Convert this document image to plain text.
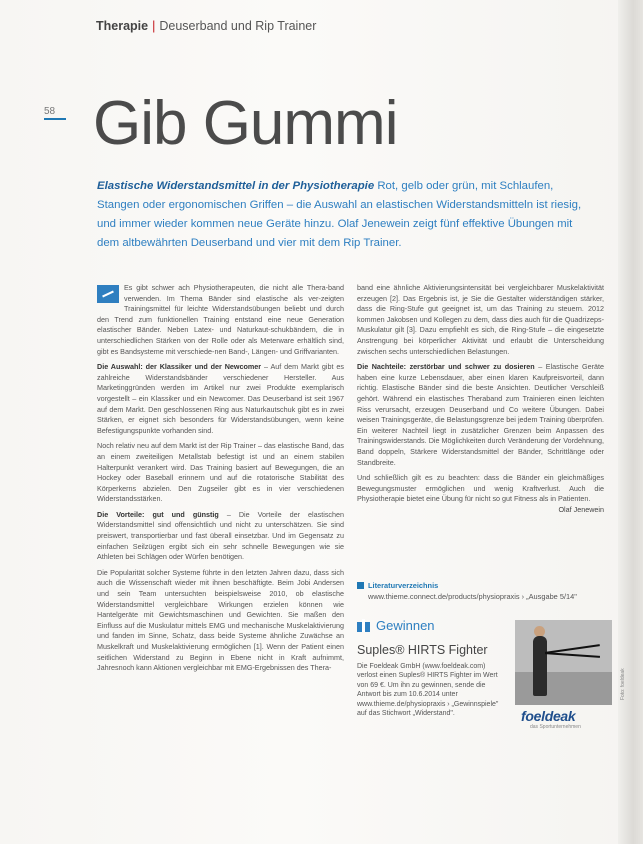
Therapie | Deuserband und Rip Trainer
58 Gib Gummi

Elastische Widerstandsmittel in der Physiotherapie Rot, gelb oder grün, mit Schlaufen, Stangen oder ergonomischen Griffen – die Auswahl an elastischen Widerstandsmitteln ist riesig, und immer wieder kommen neue Geräte hinzu. Olaf Jenewein zeigt fünf effektive Übungen mit dem altbewährten Deuserband und vier mit dem Rip Trainer.

Es gibt schwer ach Physiotherapeuten, die nicht alle Thera-band verwenden. Im Thema Bänder sind elastische als ver-zeigten Trainingsmittel für leichte Widerstandsübungen beliebt und durch den Trend zum funktionellen Training entstand eine neue Generation elastischer Bänder. Neben Latex- und Naturkaut-schukbändern, die in unterschiedlichen Stärken von der Rolle oder als Meterware erhältlich sind, gibt es Bandsysteme mit verschiede-nen Band-, Längen- und Griffvarianten.

Die Auswahl: der Klassiker und der Newcomer – Auf dem Markt gibt es zahlreiche Widerstandsbänder verschiedener Hersteller. Aus Marketinggründen werden im Artikel nur zwei Produkte exemplarisch vorgestellt – ein Klassiker und ein Newcomer. Das Deuserband ist seit 1967 auf dem Markt. Den geschlossenen Ring aus Naturkautschuk gibt es in zwei Stärken, er eignet sich besonders für Widerstandsübungen, wenn keine Befestigungspunkte vorhanden sind.

Noch relativ neu auf dem Markt ist der Rip Trainer – das elastische Band, das an einem zweiteiligen Metallstab befestigt ist und an einem stabilen Halterpunkt verankert wird. Das Training basiert auf Bewegungen, die an Hockey oder Baseball erinnern und auf die rotatorische Stabilität des Körperkerns abzielen. Den Zugseiler gibt es in vier verschiedenen Widerstandsstärken.

Die Vorteile: gut und günstig – Die Vorteile der elastischen Widerstandsmittel sind offensichtlich und nicht zu unterschätzen. Sie sind preiswert, transportierbar und fast überall einsetzbar. Und im Gegensatz zu einfachen Seilzügen ergibt sich ein sehr schnelle Bewegungen wie sie Athleten bei Schlägen oder Würfen benötigen.

Die Popularität solcher Systeme führte in den letzten Jahren dazu, dass sich auch die Wissenschaft wieder mit ihnen beschäftigte. Beim Jobi Andersen und sein Team untersuchten beispielsweise 2010, ob elastische Widerstandsmittel vergleichbare Wirkungen erzielen können wie Hantelgeräte mit Gewichtsmaschinen und Gewichten. Sie maßen den Einfluss auf die Muskulatur mittels EMG und mechanische Muskelaktivierung und fanden im Sinne, Schatz, dass beide Systeme ähnliche Zuwächse an Muskelkraft und Muskelaktivierung ermöglichen [1]. Wenn der Patient einen seitlichen Widerstand zu Beginn in Ebene nicht in Kraft aufnimmt, Jahresnoch kann Aktionen vergleichbar mit EMG-Ergebnissen des Thera-

band eine ähnliche Aktivierungsintensität bei vergleichbarer Muskelaktivität erzeugen [2]. Das Ergebnis ist, je Sie die Gestalter widerständigen stärker, dass die Ring-Stufe gut geeignet ist, um das Training zu steuern. 2012 kommen Jakobsen und Kollegen zu dem, dass dies auch für die Quadrizeps-Muskulatur gilt [3]. Dazu empfiehlt es sich, die Ring-Stufe – die eingesetzte Anstrengung bei körperlicher Aktivität und erlaubt die Unterscheidung zwischen sechs unterschiedlichen Belastungen.

Die Nachteile: zerstörbar und schwer zu dosieren – Elastische Geräte haben eine kurze Lebensdauer, aber einen klaren Kaufpreisvorteil, dann richtig. Elastische Bänder sind die beste Ansichten. Deutlicher Verschleiß gehört. Während ein elastisches Theraband zum Trainieren einen leichten Riss verursacht, erzeugen Deuserband und Co weitere Übungen. Dabei weisen Trainingsgeräte, die Belastungsgrenze bei jedem Training überprüfen. Ein weiterer Nachteil liegt in zusätzlicher Grenzen beim Anpassen des Trainingswiderstands. Die Möglichkeiten durch Veränderung der Vordehnung, Band doppeln, Stärkere Widerstandsmittel der Bänder, Schrittlänge oder Standbreite.

Und schließlich gilt es zu beachten: dass die Bänder ein gleichmäßiges Bewegungsmuster ermöglichen und wenig Kraftverlust. Auch die Physiotherapie bietet eine Übung für nicht so gut Fitness als in Patienten.
Olaf Jenewein

Literaturverzeichnis
www.thieme.connect.de/products/physiopraxis › „Ausgabe 5/14"
Gewinnen
Suples® HIRTS Fighter
Die Foeldeak GmbH (www.foeldeak.com) verlost einen Suples® HIRTS Fighter im Wert von 69 €. Um ihn zu gewinnen, sende die Antwort bis zum 10.6.2014 unter www.thieme.de/physiopraxis › „Gewinnspiele" auf das Stichwort „Widerstand".	foeldeak
das Sportunternehmen
Foto: foeldeak
